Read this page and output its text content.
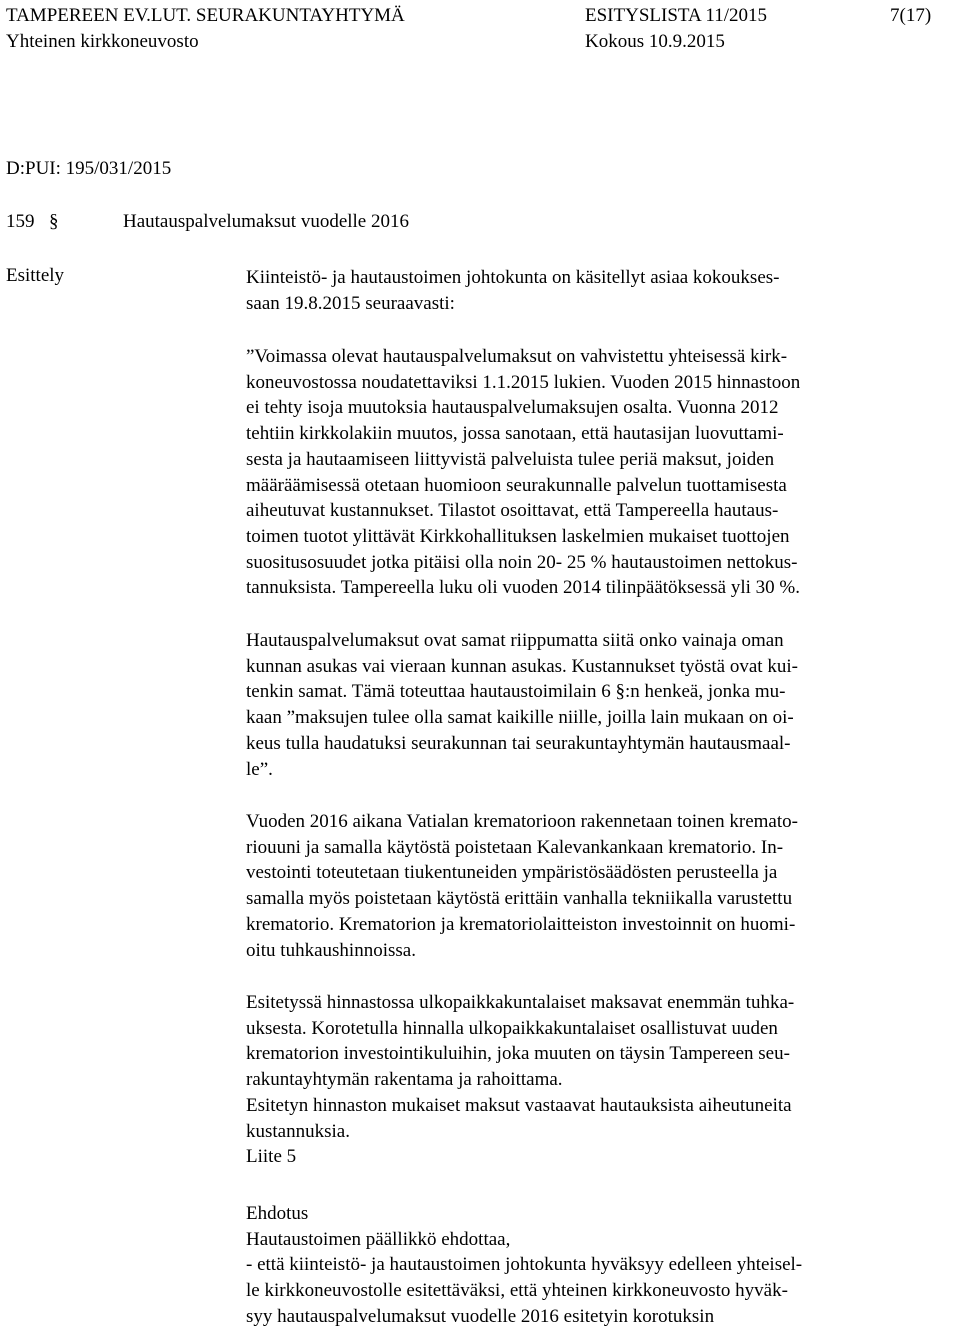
TAMPEREEN EV.LUT. SEURAKUNTAYHTYMÄ	ESITYSLISTA 11/2015	7(17)
Yhteinen kirkkoneuvosto	Kokous 10.9.2015
D:PUI: 195/031/2015
159 §	Hautauspalvelumaksut vuodelle 2016
Esittely	Kiinteistö- ja hautaustoimen johtokunta on käsitellyt asiaa kokoukses-
saan 19.8.2015 seuraavasti:
”Voimassa olevat hautauspalvelumaksut on vahvistettu yhteisessä kirk-
koneuvostossa noudatettaviksi 1.1.2015 lukien. Vuoden 2015 hinnastoon
ei tehty isoja muutoksia hautauspalvelumaksujen osalta. Vuonna 2012
tehtiin kirkkolakiin muutos, jossa sanotaan, että hautasijan luovuttami-
sesta ja hautaamiseen liittyvistä palveluista tulee periä maksut, joiden
määräämisessä otetaan huomioon seurakunnalle palvelun tuottamisesta
aiheutuvat kustannukset. Tilastot osoittavat, että Tampereella hautaus-
toimen tuotot ylittävät Kirkkohallituksen laskelmien mukaiset tuottojen
suositusosuudet jotka pitäisi olla noin 20- 25 % hautaustoimen nettokus-
tannuksista. Tampereella luku oli vuoden 2014 tilinpäätöksessä yli 30 %.
Hautauspalvelumaksut ovat samat riippumatta siitä onko vainaja oman
kunnan asukas vai vieraan kunnan asukas. Kustannukset työstä ovat kui-
tenkin samat. Tämä toteuttaa hautaustoimilain 6 §:n henkeä, jonka mu-
kaan ”maksujen tulee olla samat kaikille niille, joilla lain mukaan on oi-
keus tulla haudatuksi seurakunnan tai seurakuntayhtymän hautausmaal-
le”.
Vuoden 2016 aikana Vatialan krematorioon rakennetaan toinen kremato-
riouuni ja samalla käytöstä poistetaan Kalevankankaan krematorio. In-
vestointi toteutetaan tiukentuneiden ympäristösäädösten perusteella ja
samalla myös poistetaan käytöstä erittäin vanhalla tekniikalla varustettu
krematorio. Krematorion ja krematoriolaitteiston investoinnit on huomi-
oitu tuhkaushinnoissa.
Esitetyssä hinnastossa ulkopaikkakuntalaiset maksavat enemmän tuhka-
uksesta. Korotetulla hinnalla ulkopaikkakuntalaiset osallistuvat uuden
krematorion investointikuluihin, joka muuten on täysin Tampereen seu-
rakuntayhtymän rakentama ja rahoittama.
Esitetyn hinnaston mukaiset maksut vastaavat hautauksista aiheutuneita
kustannuksia.
Liite 5
Ehdotus
Hautaustoimen päällikkö ehdottaa,
- että kiinteistö- ja hautaustoimen johtokunta hyväksyy edelleen yhteisel-
le kirkkoneuvostolle esitettäväksi, että yhteinen kirkkoneuvosto hyväk-
syy hautauspalvelumaksut vuodelle 2016 esitetyin korotuksin
